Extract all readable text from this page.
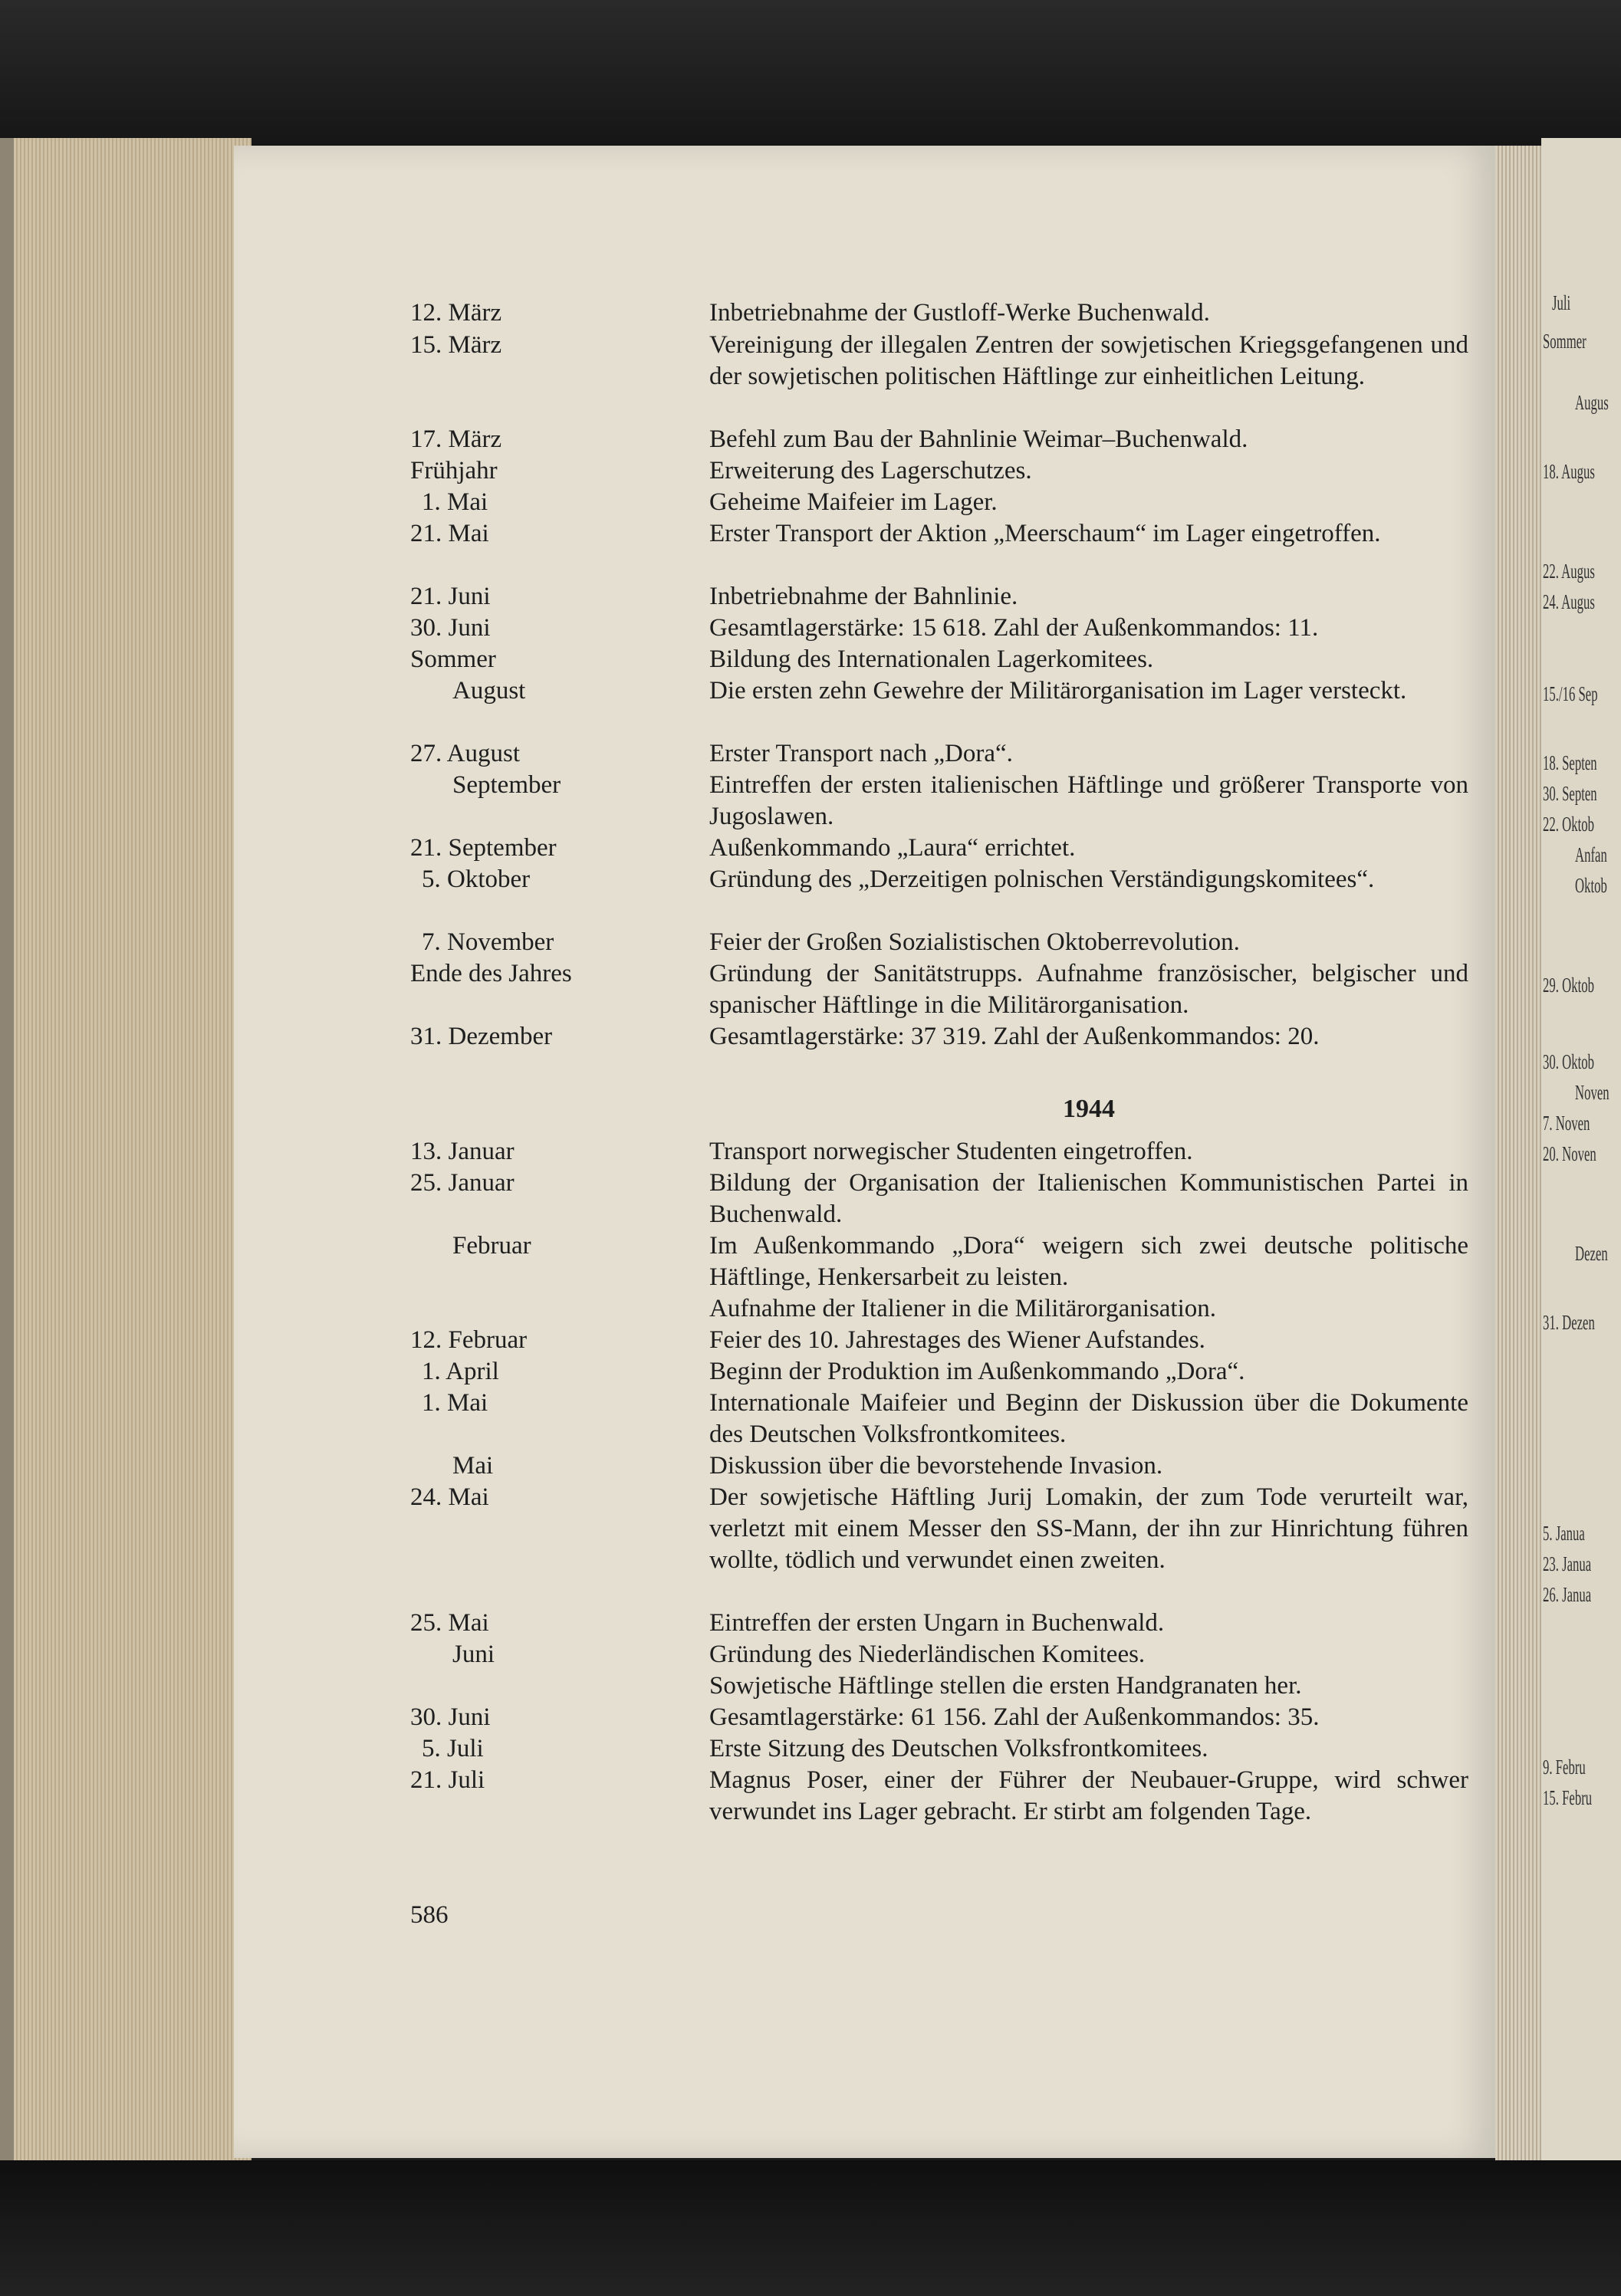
12. März	Inbetriebnahme der Gustloff-Werke Buchenwald.
15. März	Vereinigung der illegalen Zentren der sowjetischen Kriegsgefangenen und der sowjetischen politischen Häftlinge zur einheitlichen Leitung.
17. März	Befehl zum Bau der Bahnlinie Weimar–Buchenwald.
Frühjahr	Erweiterung des Lagerschutzes.
1. Mai	Geheime Maifeier im Lager.
21. Mai	Erster Transport der Aktion „Meerschaum“ im Lager eingetroffen.
21. Juni	Inbetriebnahme der Bahnlinie.
30. Juni	Gesamtlagerstärke: 15 618. Zahl der Außenkommandos: 11.
Sommer	Bildung des Internationalen Lagerkomitees.
August	Die ersten zehn Gewehre der Militärorganisation im Lager versteckt.
27. August	Erster Transport nach „Dora“.
September	Eintreffen der ersten italienischen Häftlinge und größerer Transporte von Jugoslawen.
21. September	Außenkommando „Laura“ errichtet.
5. Oktober	Gründung des „Derzeitigen polnischen Verständigungskomitees“.
7. November	Feier der Großen Sozialistischen Oktoberrevolution.
Ende des Jahres	Gründung der Sanitätstrupps. Aufnahme französischer, belgischer und spanischer Häftlinge in die Militärorganisation.
31. Dezember	Gesamtlagerstärke: 37 319. Zahl der Außenkommandos: 20.
1944
13. Januar	Transport norwegischer Studenten eingetroffen.
25. Januar	Bildung der Organisation der Italienischen Kommunistischen Partei in Buchenwald.
Februar	Im Außenkommando „Dora“ weigern sich zwei deutsche politische Häftlinge, Henkersarbeit zu leisten.
Aufnahme der Italiener in die Militärorganisation.
12. Februar	Feier des 10. Jahrestages des Wiener Aufstandes.
1. April	Beginn der Produktion im Außenkommando „Dora“.
1. Mai	Internationale Maifeier und Beginn der Diskussion über die Dokumente des Deutschen Volksfrontkomitees.
Mai	Diskussion über die bevorstehende Invasion.
24. Mai	Der sowjetische Häftling Jurij Lomakin, der zum Tode verurteilt war, verletzt mit einem Messer den SS-Mann, der ihn zur Hinrichtung führen wollte, tödlich und verwundet einen zweiten.
25. Mai	Eintreffen der ersten Ungarn in Buchenwald.
Juni	Gründung des Niederländischen Komitees.
Sowjetische Häftlinge stellen die ersten Handgranaten her.
30. Juni	Gesamtlagerstärke: 61 156. Zahl der Außenkommandos: 35.
5. Juli	Erste Sitzung des Deutschen Volksfrontkomitees.
21. Juli	Magnus Poser, einer der Führer der Neubauer-Gruppe, wird schwer verwundet ins Lager gebracht. Er stirbt am folgenden Tage.
586
Juli
Sommer
Augus
18. Augus
22. Augus
24. Augus
15./16 Sep
18. Septen
30. Septen
22. Oktob
Anfan
Oktob
29. Oktob
30. Oktob
Noven
7. Noven
20. Noven
Dezen
31. Dezen
5. Janua
23. Janua
26. Janua
9. Febru
15. Febru
